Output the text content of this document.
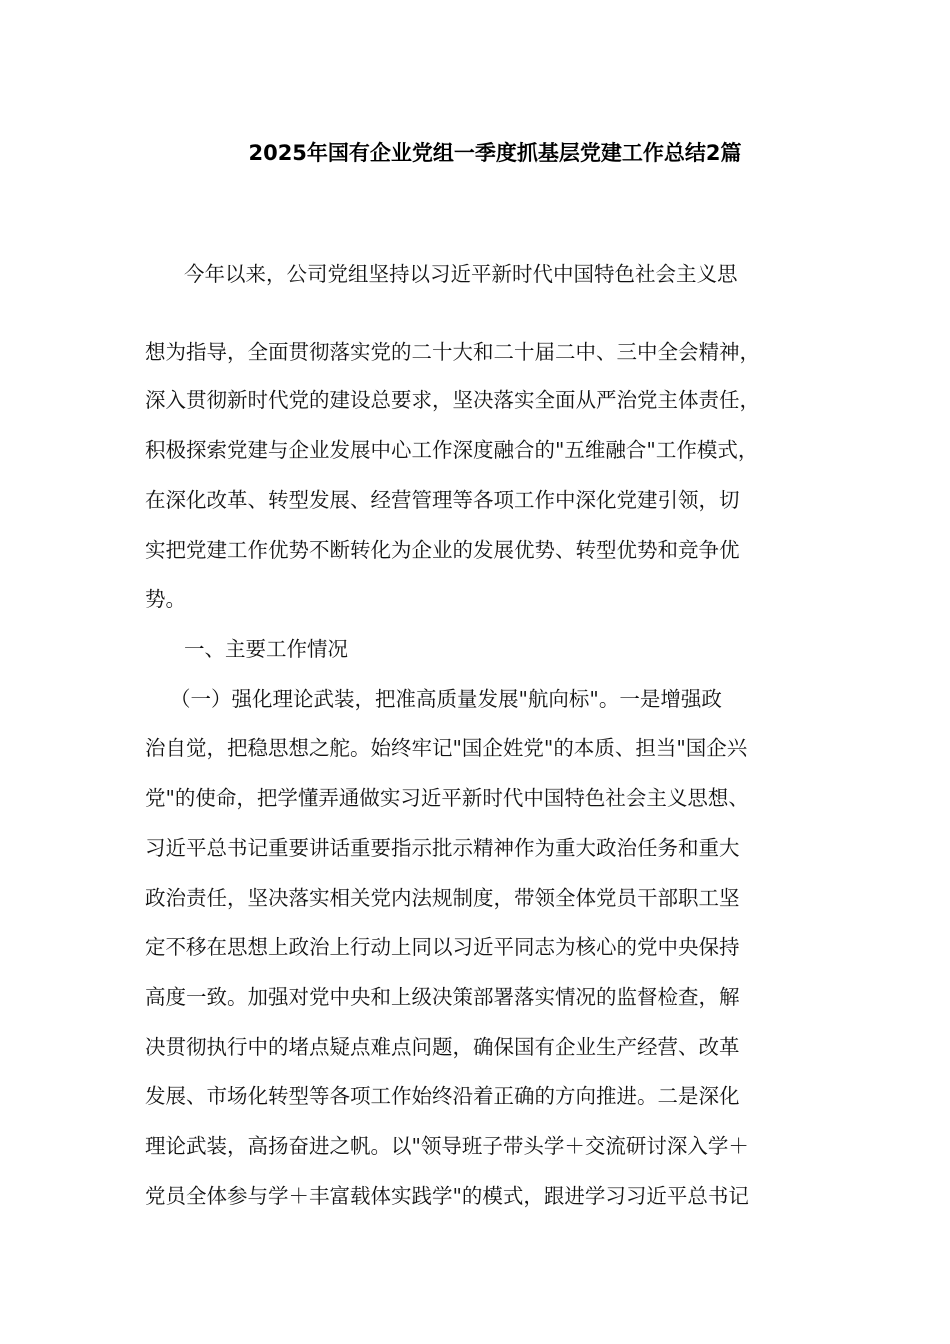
2025年国有企业党组一季度抓基层党建工作总结2篇
今年以来，公司党组坚持以习近平新时代中国特色社会主义思
想为指导，全面贯彻落实党的二十大和二十届二中、三中全会精神，
深入贯彻新时代党的建设总要求，坚决落实全面从严治党主体责任，
积极探索党建与企业发展中心工作深度融合的"五维融合"工作模式，
在深化改革、转型发展、经营管理等各项工作中深化党建引领，切
实把党建工作优势不断转化为企业的发展优势、转型优势和竞争优
势。
一、主要工作情况
（一）强化理论武装，把准高质量发展"航向标"。一是增强政
治自觉，把稳思想之舵。始终牢记"国企姓党"的本质、担当"国企兴
党"的使命，把学懂弄通做实习近平新时代中国特色社会主义思想、
习近平总书记重要讲话重要指示批示精神作为重大政治任务和重大
政治责任，坚决落实相关党内法规制度，带领全体党员干部职工坚
定不移在思想上政治上行动上同以习近平同志为核心的党中央保持
高度一致。加强对党中央和上级决策部署落实情况的监督检查，解
决贯彻执行中的堵点疑点难点问题，确保国有企业生产经营、改革
发展、市场化转型等各项工作始终沿着正确的方向推进。二是深化
理论武装，高扬奋进之帆。以"领导班子带头学＋交流研讨深入学＋
党员全体参与学＋丰富载体实践学"的模式，跟进学习习近平总书记
